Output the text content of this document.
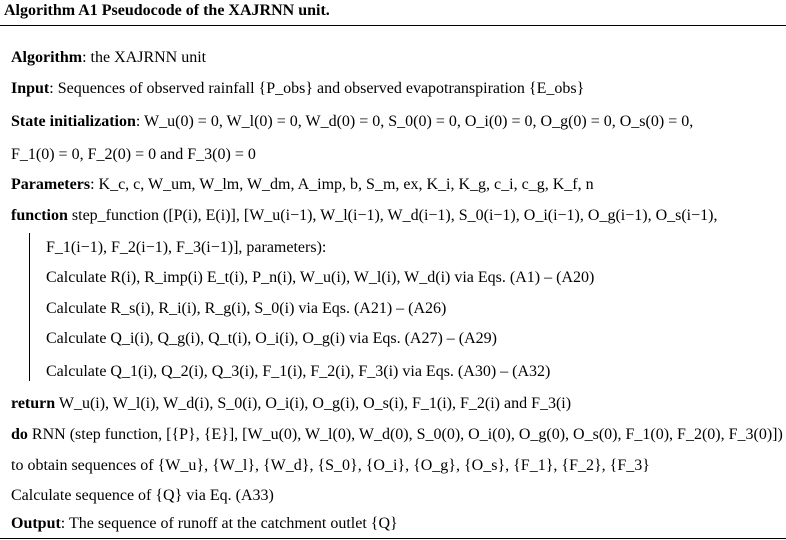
Algorithm A1 Pseudocode of the XAJRNN unit.
Algorithm: the XAJRNN unit
Input: Sequences of observed rainfall {P_obs} and observed evapotranspiration {E_obs}
State initialization: W_u(0) = 0, W_l(0) = 0, W_d(0) = 0, S_0(0) = 0, O_i(0) = 0, O_g(0) = 0, O_s(0) = 0,
F_1(0) = 0, F_2(0) = 0 and F_3(0) = 0
Parameters: K_c, c, W_um, W_lm, W_dm, A_imp, b, S_m, ex, K_i, K_g, c_i, c_g, K_f, n
function step_function ([P(i), E(i)], [W_u(i−1), W_l(i−1), W_d(i−1), S_0(i−1), O_i(i−1), O_g(i−1), O_s(i−1),
F_1(i−1), F_2(i−1), F_3(i−1)], parameters):
Calculate R(i), R_imp(i) E_t(i), P_n(i), W_u(i), W_l(i), W_d(i) via Eqs. (A1) – (A20)
Calculate R_s(i), R_i(i), R_g(i), S_0(i) via Eqs. (A21) – (A26)
Calculate Q_i(i), Q_g(i), Q_t(i), O_i(i), O_g(i) via Eqs. (A27) – (A29)
Calculate Q_1(i), Q_2(i), Q_3(i), F_1(i), F_2(i), F_3(i) via Eqs. (A30) – (A32)
return W_u(i), W_l(i), W_d(i), S_0(i), O_i(i), O_g(i), O_s(i), F_1(i), F_2(i) and F_3(i)
do RNN (step function, [{P}, {E}], [W_u(0), W_l(0), W_d(0), S_0(0), O_i(0), O_g(0), O_s(0), F_1(0), F_2(0), F_3(0)])
to obtain sequences of {W_u}, {W_l}, {W_d}, {S_0}, {O_i}, {O_g}, {O_s}, {F_1}, {F_2}, {F_3}
Calculate sequence of {Q} via Eq. (A33)
Output: The sequence of runoff at the catchment outlet {Q}
